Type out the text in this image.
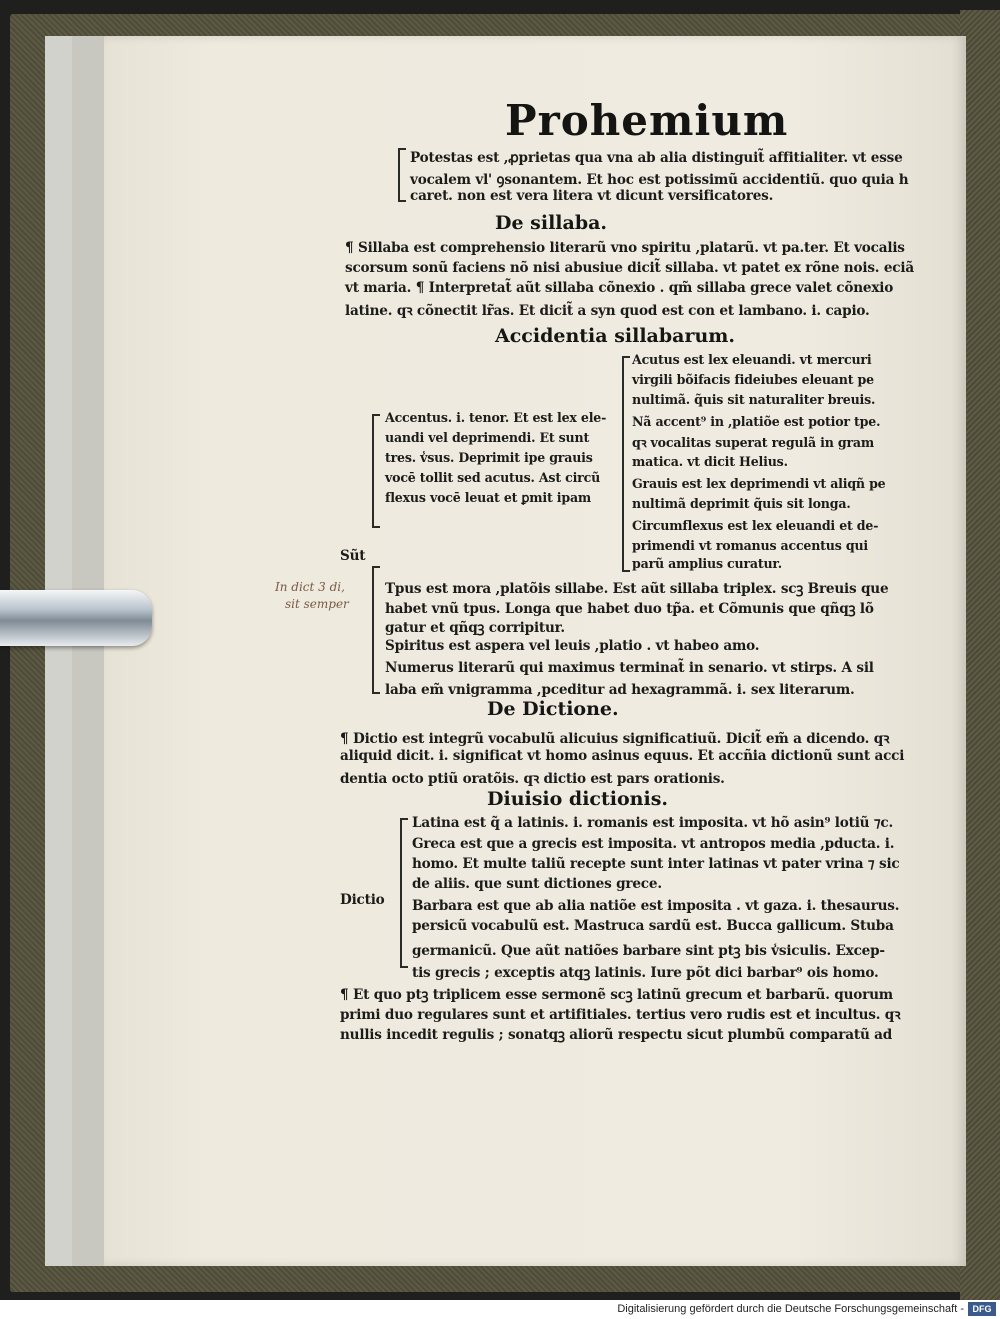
Prohemium
Potestas est ,ꝓprietas qua vna ab alia distinguit̃ affitialiter. vt esse
vocalem vl' ꝯsonantem. Et hoc est potissimũ accidentiũ. quo quia h
caret. non est vera litera vt dicunt versificatores.
De sillaba.
¶ Sillaba est comprehensio literarũ vno spiritu ,platarũ. vt pa.ter. Et vocalis
scorsum sonũ faciens nõ nisi abusiue dicit̃ sillaba. vt patet ex rõne nois. eciã
vt maria. ¶ Interpretat̃ aũt sillaba cõnexio . qm̃ sillaba grece valet cõnexio
latine. qꝛ cõnectit lr̃as. Et dicit̃ a syn quod est con et lambano. i. capio.
Accidentia sillabarum.
Acutus est lex eleuandi. vt mercuri
virgili bõifacis fideiubes eleuant pe
nultimã. q̃uis sit naturaliter breuis.
Nã accent⁹ in ,platiõe est potior tpe.
qꝛ vocalitas superat regulã in gram
matica. vt dicit Helius.
Grauis est lex deprimendi vt aliqñ pe
nultimã deprimit q̃uis sit longa.
Circumflexus est lex eleuandi et de-
primendi vt romanus accentus qui
parũ amplius curatur.
Accentus. i. tenor. Et est lex ele-
uandi vel deprimendi. Et sunt
tres. v̾sus. Deprimit ipe grauis
vocē tollit sed acutus. Ast circũ
flexus vocē leuat et ꝑmit ipam
Sũt
Tpus est mora ,platõis sillabe. Est aũt sillaba triplex. scꝫ Breuis que
habet vnũ tpus. Longa que habet duo tp̃a. et Cõmunis que qñqꝫ lõ
gatur et qñqꝫ corripitur.
Spiritus est aspera vel leuis ,platio . vt habeo amo.
Numerus literarũ qui maximus terminat̃ in senario. vt stirps. A sil
laba em̃ vnigramma ,pceditur ad hexagrammã. i. sex literarum.
In dict 3 di,
sit semper
De Dictione.
¶ Dictio est integrũ vocabulũ alicuius significatiuũ. Dicit̃ em̃ a dicendo. qꝛ
aliquid dicit. i. significat vt homo asinus equus. Et accñia dictionũ sunt acci
dentia octo ptiũ oratõis. qꝛ dictio est pars orationis.
Diuisio dictionis.
Latina est q̃ a latinis. i. romanis est imposita. vt hõ asin⁹ lotiũ ⁊c.
Greca est que a grecis est imposita. vt antropos media ,pducta. i.
homo. Et multe taliũ recepte sunt inter latinas vt pater vrina ⁊ sic
de aliis. que sunt dictiones grece.
Barbara est que ab alia natiõe est imposita . vt gaza. i. thesaurus.
persicũ vocabulũ est. Mastruca sardũ est. Bucca gallicum. Stuba
germanicũ. Que aũt natiões barbare sint ptꝫ bis v̾siculis. Excep-
tis grecis ; exceptis atqꝫ latinis. Iure põt dici barbar⁹ ois homo.
Dictio
¶ Et quo ptꝫ triplicem esse sermonẽ scꝫ latinũ grecum et barbarũ. quorum
primi duo regulares sunt et artifitiales. tertius vero rudis est et incultus. qꝛ
nullis incedit regulis ; sonatqꝫ aliorũ respectu sicut plumbũ comparatũ ad
Digitalisierung gefördert durch die Deutsche Forschungsgemeinschaft - DFG
